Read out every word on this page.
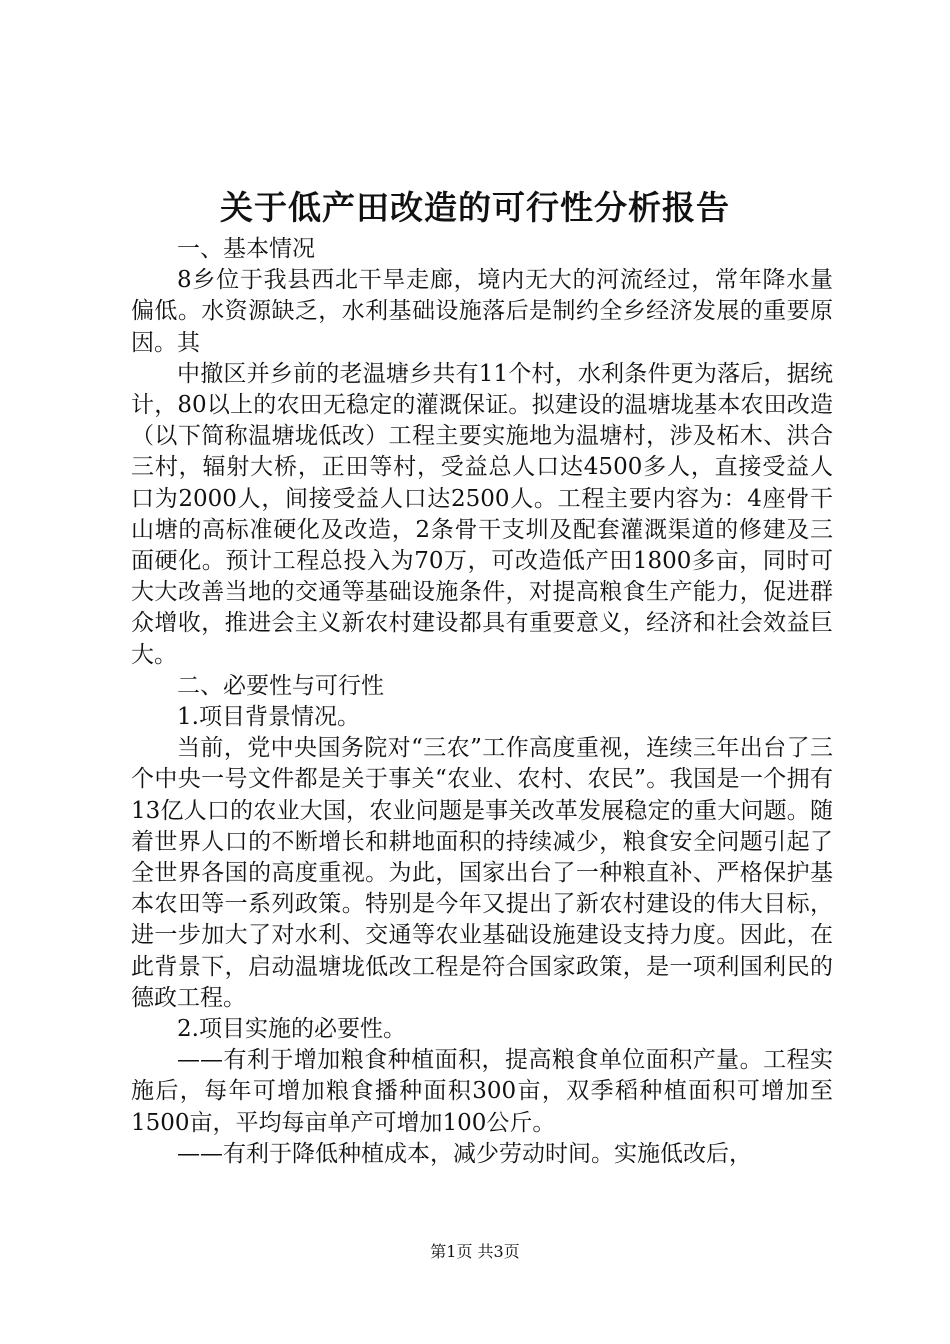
关于低产田改造的可行性分析报告

一、基本情况

8乡位于我县西北干旱走廊，境内无大的河流经过，常年降水量偏低。水资源缺乏，水利基础设施落后是制约全乡经济发展的重要原因。其

中撤区并乡前的老温塘乡共有11个村，水利条件更为落后，据统计，80以上的农田无稳定的灌溉保证。拟建设的温塘垅基本农田改造（以下简称温塘垅低改）工程主要实施地为温塘村，涉及柘木、洪合三村，辐射大桥，正田等村，受益总人口达4500多人，直接受益人口为2000人，间接受益人口达2500人。工程主要内容为：4座骨干山塘的高标准硬化及改造，2条骨干支圳及配套灌溉渠道的修建及三面硬化。预计工程总投入为70万，可改造低产田1800多亩，同时可大大改善当地的交通等基础设施条件，对提高粮食生产能力，促进群众增收，推进会主义新农村建设都具有重要意义，经济和社会效益巨大。

二、必要性与可行性

1.项目背景情况。

当前，党中央国务院对“三农”工作高度重视，连续三年出台了三个中央一号文件都是关于事关“农业、农村、农民”。我国是一个拥有13亿人口的农业大国，农业问题是事关改革发展稳定的重大问题。随着世界人口的不断增长和耕地面积的持续减少，粮食安全问题引起了全世界各国的高度重视。为此，国家出台了一种粮直补、严格保护基本农田等一系列政策。特别是今年又提出了新农村建设的伟大目标，进一步加大了对水利、交通等农业基础设施建设支持力度。因此，在此背景下，启动温塘垅低改工程是符合国家政策，是一项利国利民的德政工程。

2.项目实施的必要性。

——有利于增加粮食种植面积，提高粮食单位面积产量。工程实施后，每年可增加粮食播种面积300亩，双季稻种植面积可增加至1500亩，平均每亩单产可增加100公斤。

——有利于降低种植成本，减少劳动时间。实施低改后，

第1页 共3页
